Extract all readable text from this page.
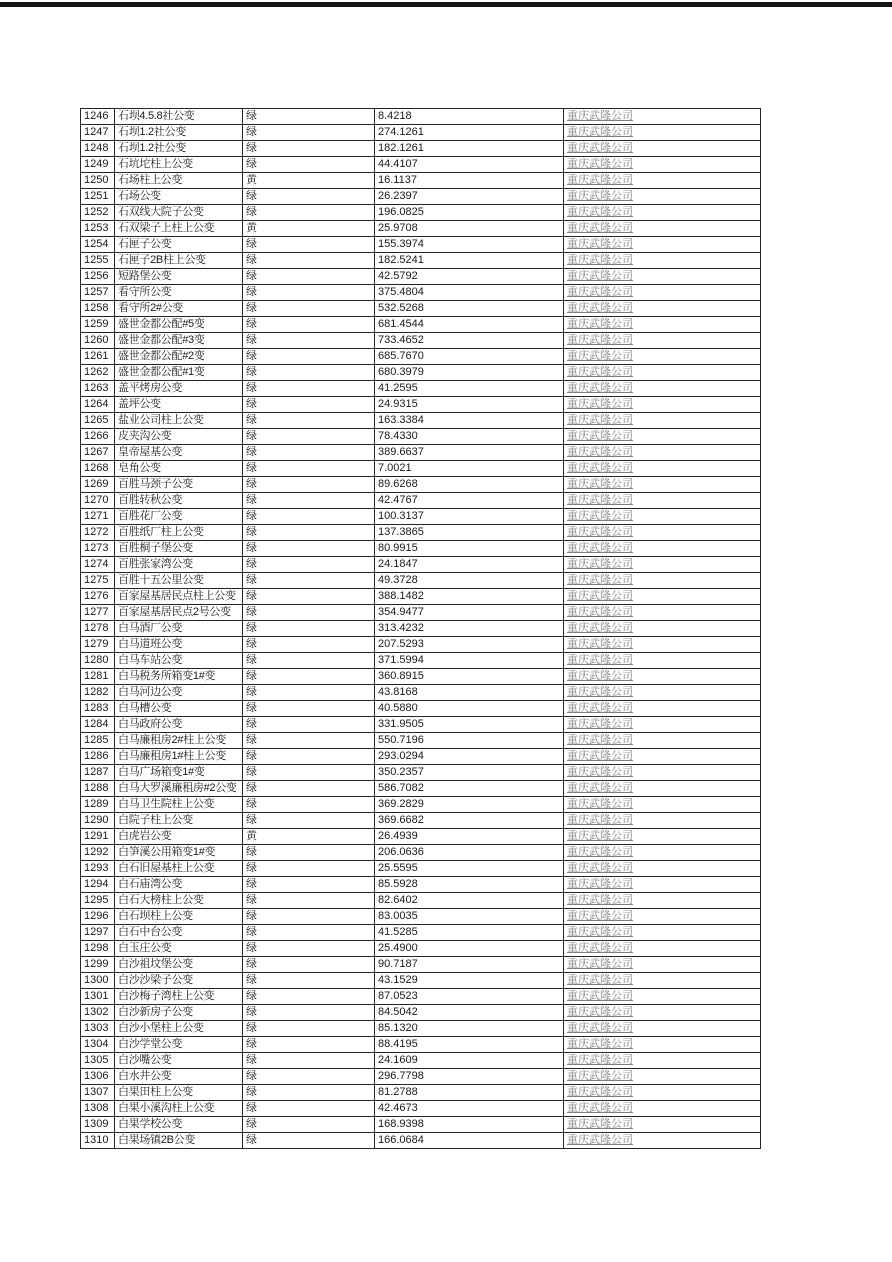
1246	石坝4.5.8社公变	绿	8.4218	重庆武隆公司
1247	石坝1.2社公变	绿	274.1261	重庆武隆公司
1248	石坝1.2社公变	绿	182.1261	重庆武隆公司
1249	石坑坨柱上公变	绿	44.4107	重庆武隆公司
1250	石场柱上公变	黄	16.1137	重庆武隆公司
1251	石场公变	绿	26.2397	重庆武隆公司
1252	石双线大院子公变	绿	196.0825	重庆武隆公司
1253	石双梁子上柱上公变	黄	25.9708	重庆武隆公司
1254	石匣子公变	绿	155.3974	重庆武隆公司
1255	石匣子2B柱上公变	绿	182.5241	重庆武隆公司
1256	短路堡公变	绿	42.5792	重庆武隆公司
1257	看守所公变	绿	375.4804	重庆武隆公司
1258	看守所2#公变	绿	532.5268	重庆武隆公司
1259	盛世金都公配#5变	绿	681.4544	重庆武隆公司
1260	盛世金都公配#3变	绿	733.4652	重庆武隆公司
1261	盛世金都公配#2变	绿	685.7670	重庆武隆公司
1262	盛世金都公配#1变	绿	680.3979	重庆武隆公司
1263	盖平烤房公变	绿	41.2595	重庆武隆公司
1264	盖坪公变	绿	24.9315	重庆武隆公司
1265	盐业公司柱上公变	绿	163.3384	重庆武隆公司
1266	皮夹沟公变	绿	78.4330	重庆武隆公司
1267	皇帝屋基公变	绿	389.6637	重庆武隆公司
1268	皂角公变	绿	7.0021	重庆武隆公司
1269	百胜马颈子公变	绿	89.6268	重庆武隆公司
1270	百胜转秋公变	绿	42.4767	重庆武隆公司
1271	百胜花厂公变	绿	100.3137	重庆武隆公司
1272	百胜纸厂柱上公变	绿	137.3865	重庆武隆公司
1273	百胜桐子堡公变	绿	80.9915	重庆武隆公司
1274	百胜张家湾公变	绿	24.1847	重庆武隆公司
1275	百胜十五公里公变	绿	49.3728	重庆武隆公司
1276	百家屋基居民点柱上公变	绿	388.1482	重庆武隆公司
1277	百家屋基居民点2号公变	绿	354.9477	重庆武隆公司
1278	白马酒厂公变	绿	313.4232	重庆武隆公司
1279	白马道班公变	绿	207.5293	重庆武隆公司
1280	白马车站公变	绿	371.5994	重庆武隆公司
1281	白马税务所箱变1#变	绿	360.8915	重庆武隆公司
1282	白马河边公变	绿	43.8168	重庆武隆公司
1283	白马槽公变	绿	40.5880	重庆武隆公司
1284	白马政府公变	绿	331.9505	重庆武隆公司
1285	白马廉租房2#柱上公变	绿	550.7196	重庆武隆公司
1286	白马廉租房1#柱上公变	绿	293.0294	重庆武隆公司
1287	白马广场箱变1#变	绿	350.2357	重庆武隆公司
1288	白马大罗溪廉租房#2公变	绿	586.7082	重庆武隆公司
1289	白马卫生院柱上公变	绿	369.2829	重庆武隆公司
1290	白院子柱上公变	绿	369.6682	重庆武隆公司
1291	白虎岩公变	黄	26.4939	重庆武隆公司
1292	白笋溪公用箱变1#变	绿	206.0636	重庆武隆公司
1293	白石旧屋基柱上公变	绿	25.5595	重庆武隆公司
1294	白石庙湾公变	绿	85.5928	重庆武隆公司
1295	白石大榜柱上公变	绿	82.6402	重庆武隆公司
1296	白石坝柱上公变	绿	83.0035	重庆武隆公司
1297	白石中台公变	绿	41.5285	重庆武隆公司
1298	白玉庄公变	绿	25.4900	重庆武隆公司
1299	白沙祖坟堡公变	绿	90.7187	重庆武隆公司
1300	白沙沙梁子公变	绿	43.1529	重庆武隆公司
1301	白沙梅子湾柱上公变	绿	87.0523	重庆武隆公司
1302	白沙新房子公变	绿	84.5042	重庆武隆公司
1303	白沙小堡柱上公变	绿	85.1320	重庆武隆公司
1304	白沙学堂公变	绿	88.4195	重庆武隆公司
1305	白沙嘴公变	绿	24.1609	重庆武隆公司
1306	白水井公变	绿	296.7798	重庆武隆公司
1307	白果田柱上公变	绿	81.2788	重庆武隆公司
1308	白果小溪沟柱上公变	绿	42.4673	重庆武隆公司
1309	白果学校公变	绿	168.9398	重庆武隆公司
1310	白果场镇2B公变	绿	166.0684	重庆武隆公司
